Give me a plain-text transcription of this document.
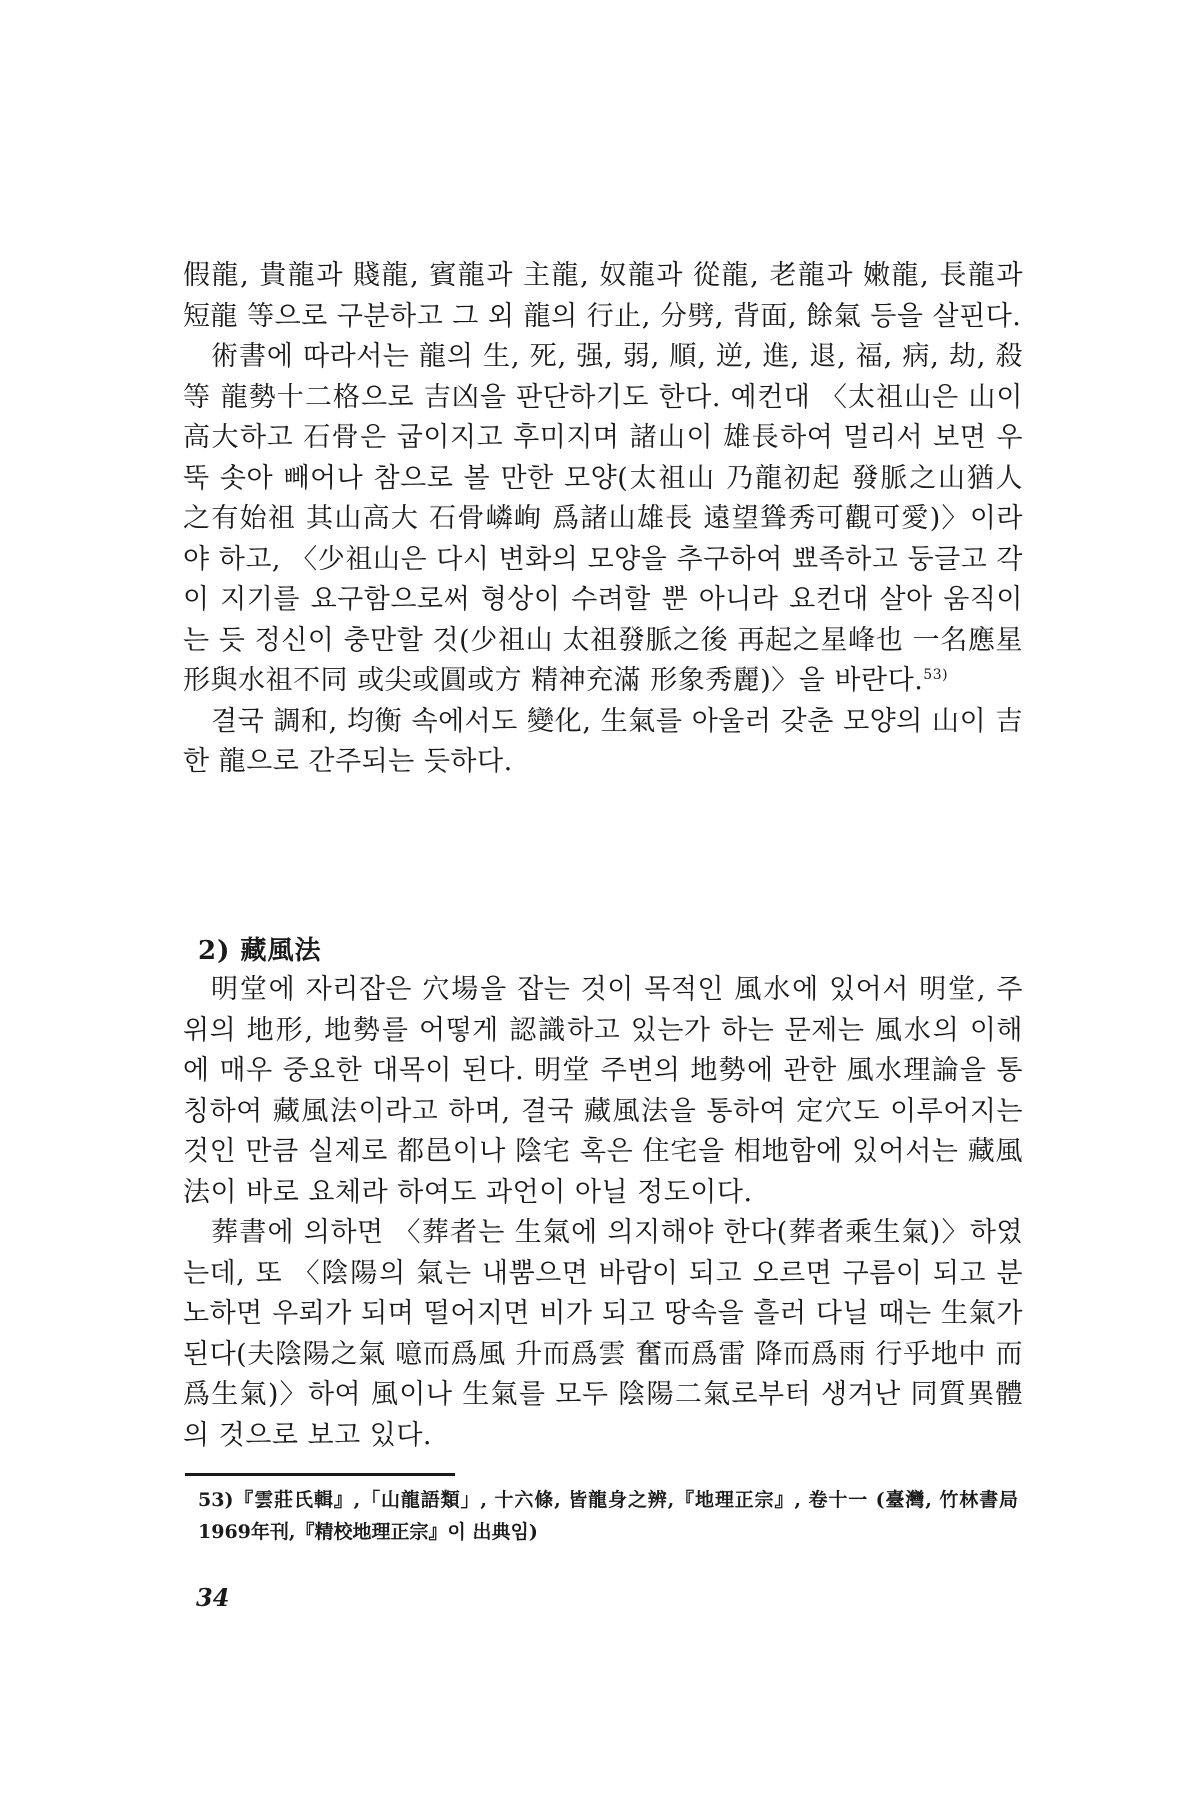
假龍, 貴龍과 賤龍, 賓龍과 主龍, 奴龍과 從龍, 老龍과 嫩龍, 長龍과 短龍 等으로 구분하고 그 외 龍의 行止, 分劈, 背面, 餘氣 등을 살핀다.

術書에 따라서는 龍의 生, 死, 强, 弱, 順, 逆, 進, 退, 福, 病, 劫, 殺 等 龍勢十二格으로 吉凶을 판단하기도 한다. 예컨대 〈太祖山은 山이 高大하고 石骨은 굽이지고 후미지며 諸山이 雄長하여 멀리서 보면 우뚝 솟아 빼어나 참으로 볼 만한 모양(太祖山 乃龍初起 發脈之山猶人之有始祖 其山高大 石骨嶙峋 爲諸山雄長 遠望聳秀可觀可愛)〉이라야 하고, 〈少祖山은 다시 변화의 모양을 추구하여 뾰족하고 둥글고 각이 지기를 요구함으로써 형상이 수려할 뿐 아니라 요컨대 살아 움직이는 듯 정신이 충만할 것(少祖山 太祖發脈之後 再起之星峰也 一名應星 形與水祖不同 或尖或圓或方 精神充滿 形象秀麗)〉을 바란다.$^{53)}$

결국 調和, 均衡 속에서도 變化, 生氣를 아울러 갖춘 모양의 山이 吉한 龍으로 간주되는 듯하다.

2) 藏風法

明堂에 자리잡은 穴場을 잡는 것이 목적인 風水에 있어서 明堂, 주위의 地形, 地勢를 어떻게 認識하고 있는가 하는 문제는 風水의 이해에 매우 중요한 대목이 된다. 明堂 주변의 地勢에 관한 風水理論을 통칭하여 藏風法이라고 하며, 결국 藏風法을 통하여 定穴도 이루어지는 것인 만큼 실제로 都邑이나 陰宅 혹은 住宅을 相地함에 있어서는 藏風法이 바로 요체라 하여도 과언이 아닐 정도이다.

葬書에 의하면 〈葬者는 生氣에 의지해야 한다(葬者乘生氣)〉하였는데, 또 〈陰陽의 氣는 내뿜으면 바람이 되고 오르면 구름이 되고 분노하면 우뢰가 되며 떨어지면 비가 되고 땅속을 흘러 다닐 때는 生氣가 된다(夫陰陽之氣 噫而爲風 升而爲雲 奮而爲雷 降而爲雨 行乎地中 而爲生氣)〉하여 風이나 生氣를 모두 陰陽二氣로부터 생겨난 同質異體의 것으로 보고 있다.

53)『雲莊氏輯』,「山龍語類」, 十六條, 皆龍身之辨,『地理正宗』, 卷十一 (臺灣, 竹林書局 1969年刊,『精校地理正宗』이 出典임)
34
